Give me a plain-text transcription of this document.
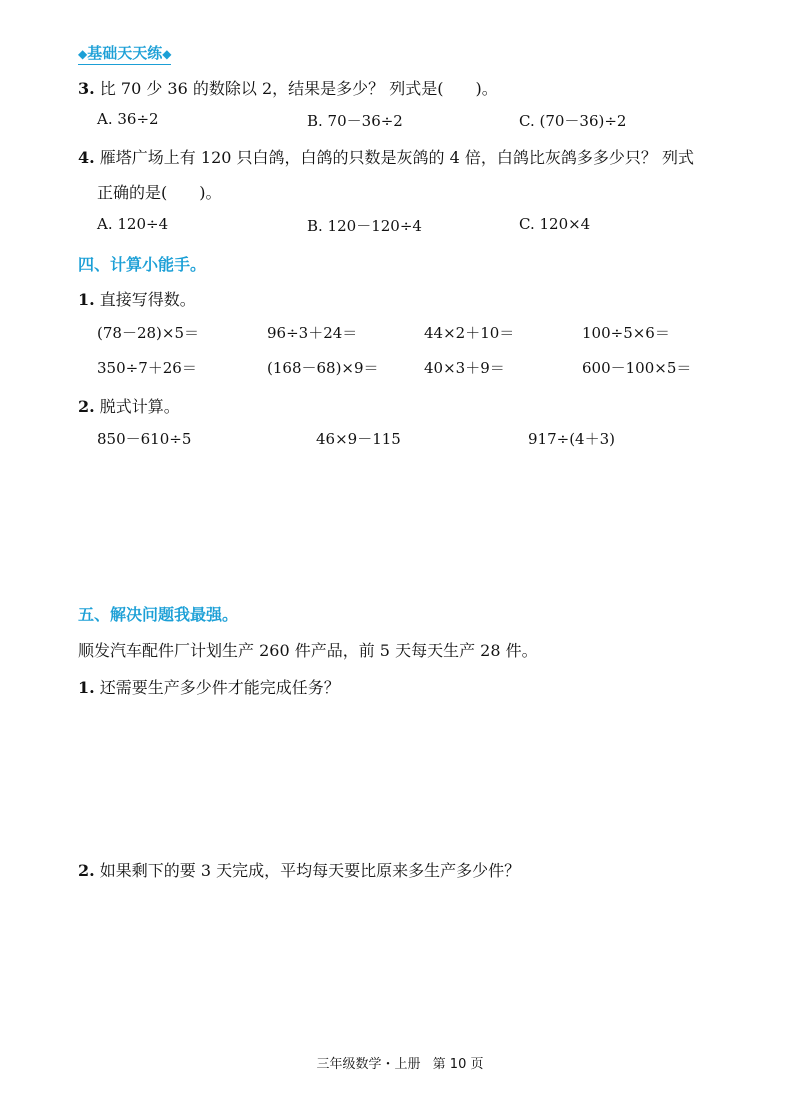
◆基础天天练◆
3. 比 70 少 36 的数除以 2，结果是多少？ 列式是(　　)。
A. 36÷2	B. 70－36÷2	C. (70－36)÷2
4. 雁塔广场上有 120 只白鸽，白鸽的只数是灰鸽的 4 倍，白鸽比灰鸽多多少只？ 列式
正确的是(　　)。
A. 120÷4	B. 120－120÷4	C. 120×4
四、计算小能手。
1. 直接写得数。
(78－28)×5＝	96÷3＋24＝	44×2＋10＝	100÷5×6＝
350÷7＋26＝	(168－68)×9＝	40×3＋9＝	600－100×5＝
2. 脱式计算。
850－610÷5	46×9－115	917÷(4＋3)
五、解决问题我最强。
顺发汽车配件厂计划生产 260 件产品，前 5 天每天生产 28 件。
1. 还需要生产多少件才能完成任务？
2. 如果剩下的要 3 天完成，平均每天要比原来多生产多少件？
三年级数学・上册 第 10 页
